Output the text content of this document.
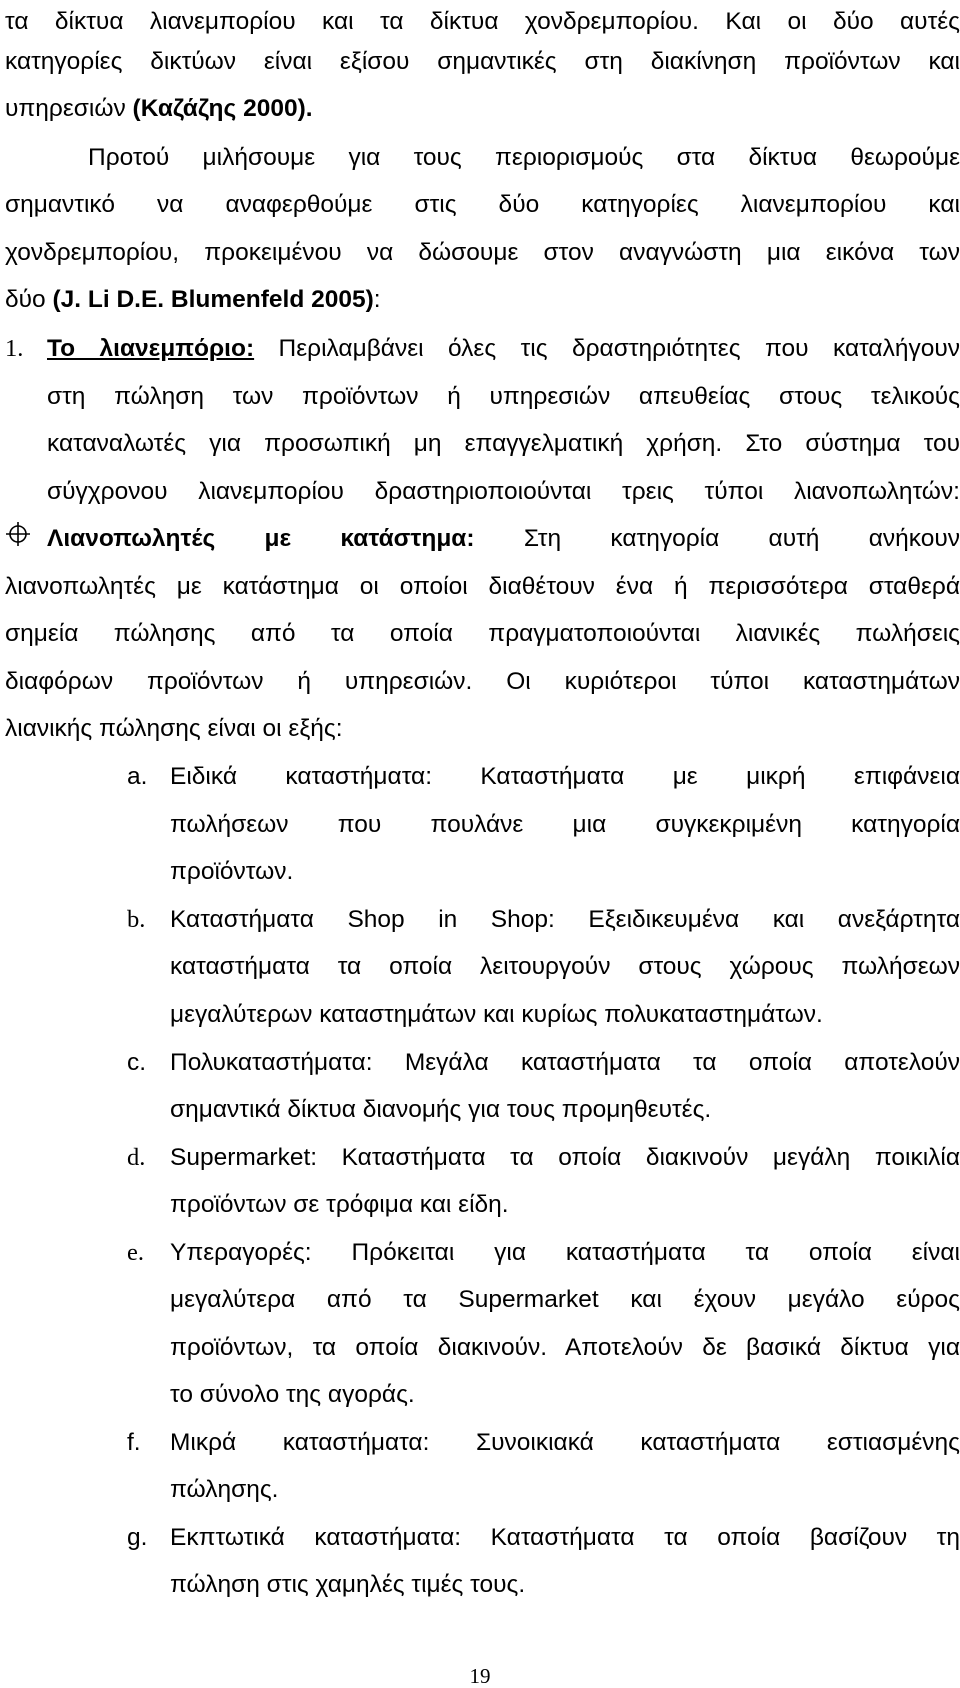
τα δίκτυα λιανεμπορίου και τα δίκτυα χονδρεμπορίου. Και οι δύο αυτές
κατηγορίες δικτύων είναι εξίσου σημαντικές στη διακίνηση προϊόντων και
υπηρεσιών (Καζάζης 2000).
Προτού μιλήσουμε για τους περιορισμούς στα δίκτυα θεωρούμε
σημαντικό να αναφερθούμε στις δύο κατηγορίες λιανεμπορίου και
χονδρεμπορίου, προκειμένου να δώσουμε στον αναγνώστη μια εικόνα των
δύο (J. Li D.E. Blumenfeld 2005):
1. Το λιανεμπόριο: Περιλαμβάνει όλες τις δραστηριότητες που καταλήγουν
στη πώληση των προϊόντων ή υπηρεσιών απευθείας στους τελικούς
καταναλωτές για προσωπική μη επαγγελματική χρήση. Στο σύστημα του
σύγχρονου λιανεμπορίου δραστηριοποιούνται τρεις τύποι λιανοπωλητών:
Λιανοπωλητές με κατάστημα: Στη κατηγορία αυτή ανήκουν
λιανοπωλητές με κατάστημα οι οποίοι διαθέτουν ένα ή περισσότερα σταθερά
σημεία πώλησης από τα οποία πραγματοποιούνται λιανικές πωλήσεις
διαφόρων προϊόντων ή υπηρεσιών. Οι κυριότεροι τύποι καταστημάτων
λιανικής πώλησης είναι οι εξής:
a. Ειδικά καταστήματα: Καταστήματα με μικρή επιφάνεια
πωλήσεων που πουλάνε μια συγκεκριμένη κατηγορία
προϊόντων.
b.	Καταστήματα Shop in Shop: Εξειδικευμένα και ανεξάρτητα
καταστήματα τα οποία λειτουργούν στους χώρους πωλήσεων
μεγαλύτερων καταστημάτων και κυρίως πολυκαταστημάτων.
c. Πολυκαταστήματα: Μεγάλα καταστήματα τα οποία αποτελούν
σημαντικά δίκτυα διανομής για τους προμηθευτές.
d.	Supermarket: Καταστήματα τα οποία διακινούν μεγάλη ποικιλία
προϊόντων σε τρόφιμα και είδη.
e.	Υπεραγορές: Πρόκειται για καταστήματα τα οποία είναι
μεγαλύτερα από τα Supermarket και έχουν μεγάλο εύρος
προϊόντων, τα οποία διακινούν. Αποτελούν δε βασικά δίκτυα για
το σύνολο της αγοράς.
f.	Μικρά καταστήματα: Συνοικιακά καταστήματα εστιασμένης
πώλησης.
g. Εκπτωτικά καταστήματα: Καταστήματα τα οποία βασίζουν τη
πώληση στις χαμηλές τιμές τους.
19
